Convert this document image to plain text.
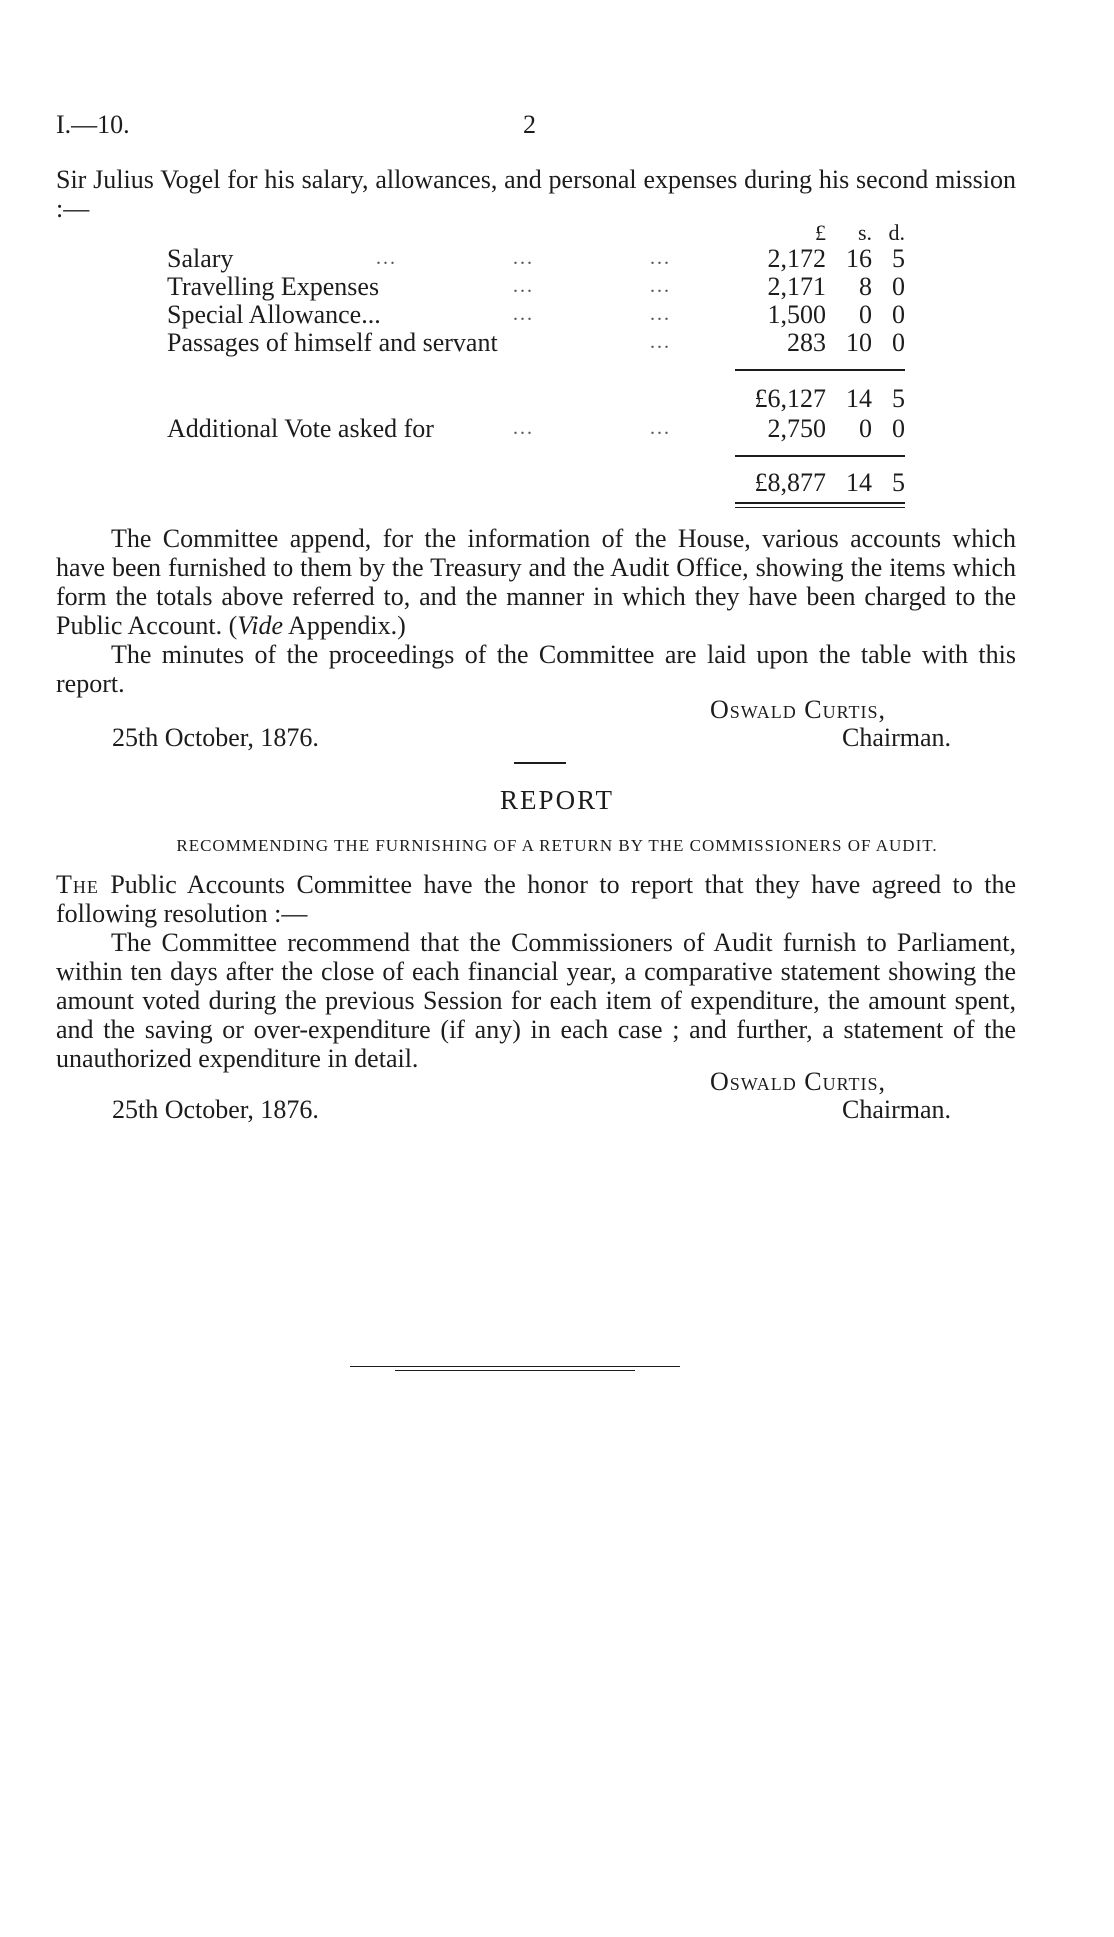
I.—10.	2
Sir Julius Vogel for his salary, allowances, and personal expenses during his second mission :—
£	s. d.
Salary	...	...	...	2,172 16 5
Travelling Expenses	...	...	2,171	8 0
Special Allowance...	...	...	1,500	0 0
Passages of himself and servant	...	283 10 0
£6,127 14 5
Additional Vote asked for	...	...	2,750	0 0
£8,877 14 5
The Committee append, for the information of the House, various accounts which have been furnished to them by the Treasury and the Audit Office, showing the items which form the totals above referred to, and the manner in which they have been charged to the Public Account. (Vide Appendix.)
The minutes of the proceedings of the Committee are laid upon the table with this report.
Oswald Curtis,
25th October, 1876.	Chairman.
REPORT
RECOMMENDING THE FURNISHING OF A RETURN BY THE COMMISSIONERS OF AUDIT.
The Public Accounts Committee have the honor to report that they have agreed to the following resolution :—
The Committee recommend that the Commissioners of Audit furnish to Parliament, within ten days after the close of each financial year, a comparative statement showing the amount voted during the previous Session for each item of expenditure, the amount spent, and the saving or over-expenditure (if any) in each case ; and further, a statement of the unauthorized expenditure in detail.
Oswald Curtis,
25th October, 1876.	Chairman.
